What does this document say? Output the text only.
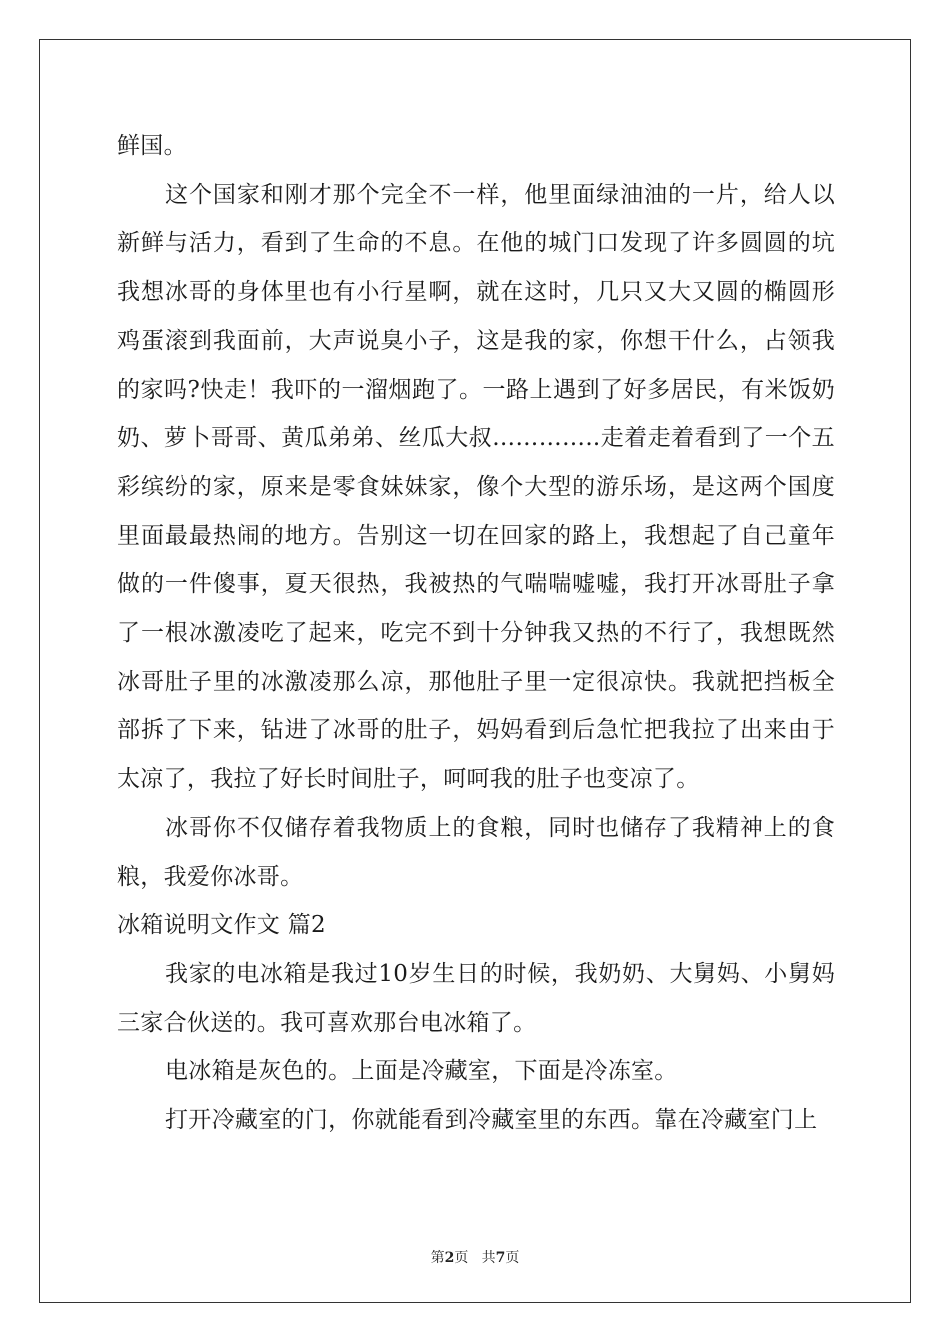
鲜国。

这个国家和刚才那个完全不一样，他里面绿油油的一片，给人以新鲜与活力，看到了生命的不息。在他的城门口发现了许多圆圆的坑我想冰哥的身体里也有小行星啊，就在这时，几只又大又圆的椭圆形鸡蛋滚到我面前，大声说臭小子，这是我的家，你想干什么，占领我的家吗?快走！我吓的一溜烟跑了。一路上遇到了好多居民，有米饭奶奶、萝卜哥哥、黄瓜弟弟、丝瓜大叔…………..走着走着看到了一个五彩缤纷的家，原来是零食妹妹家，像个大型的游乐场，是这两个国度里面最最热闹的地方。告别这一切在回家的路上，我想起了自己童年做的一件傻事，夏天很热，我被热的气喘喘嘘嘘，我打开冰哥肚子拿了一根冰激凌吃了起来，吃完不到十分钟我又热的不行了，我想既然冰哥肚子里的冰激凌那么凉，那他肚子里一定很凉快。我就把挡板全部拆了下来，钻进了冰哥的肚子，妈妈看到后急忙把我拉了出来由于太凉了，我拉了好长时间肚子，呵呵我的肚子也变凉了。

冰哥你不仅储存着我物质上的食粮，同时也储存了我精神上的食粮，我爱你冰哥。

冰箱说明文作文 篇2

我家的电冰箱是我过10岁生日的时候，我奶奶、大舅妈、小舅妈三家合伙送的。我可喜欢那台电冰箱了。

电冰箱是灰色的。上面是冷藏室，下面是冷冻室。

打开冷藏室的门，你就能看到冷藏室里的东西。靠在冷藏室门上

第2页 共7页
